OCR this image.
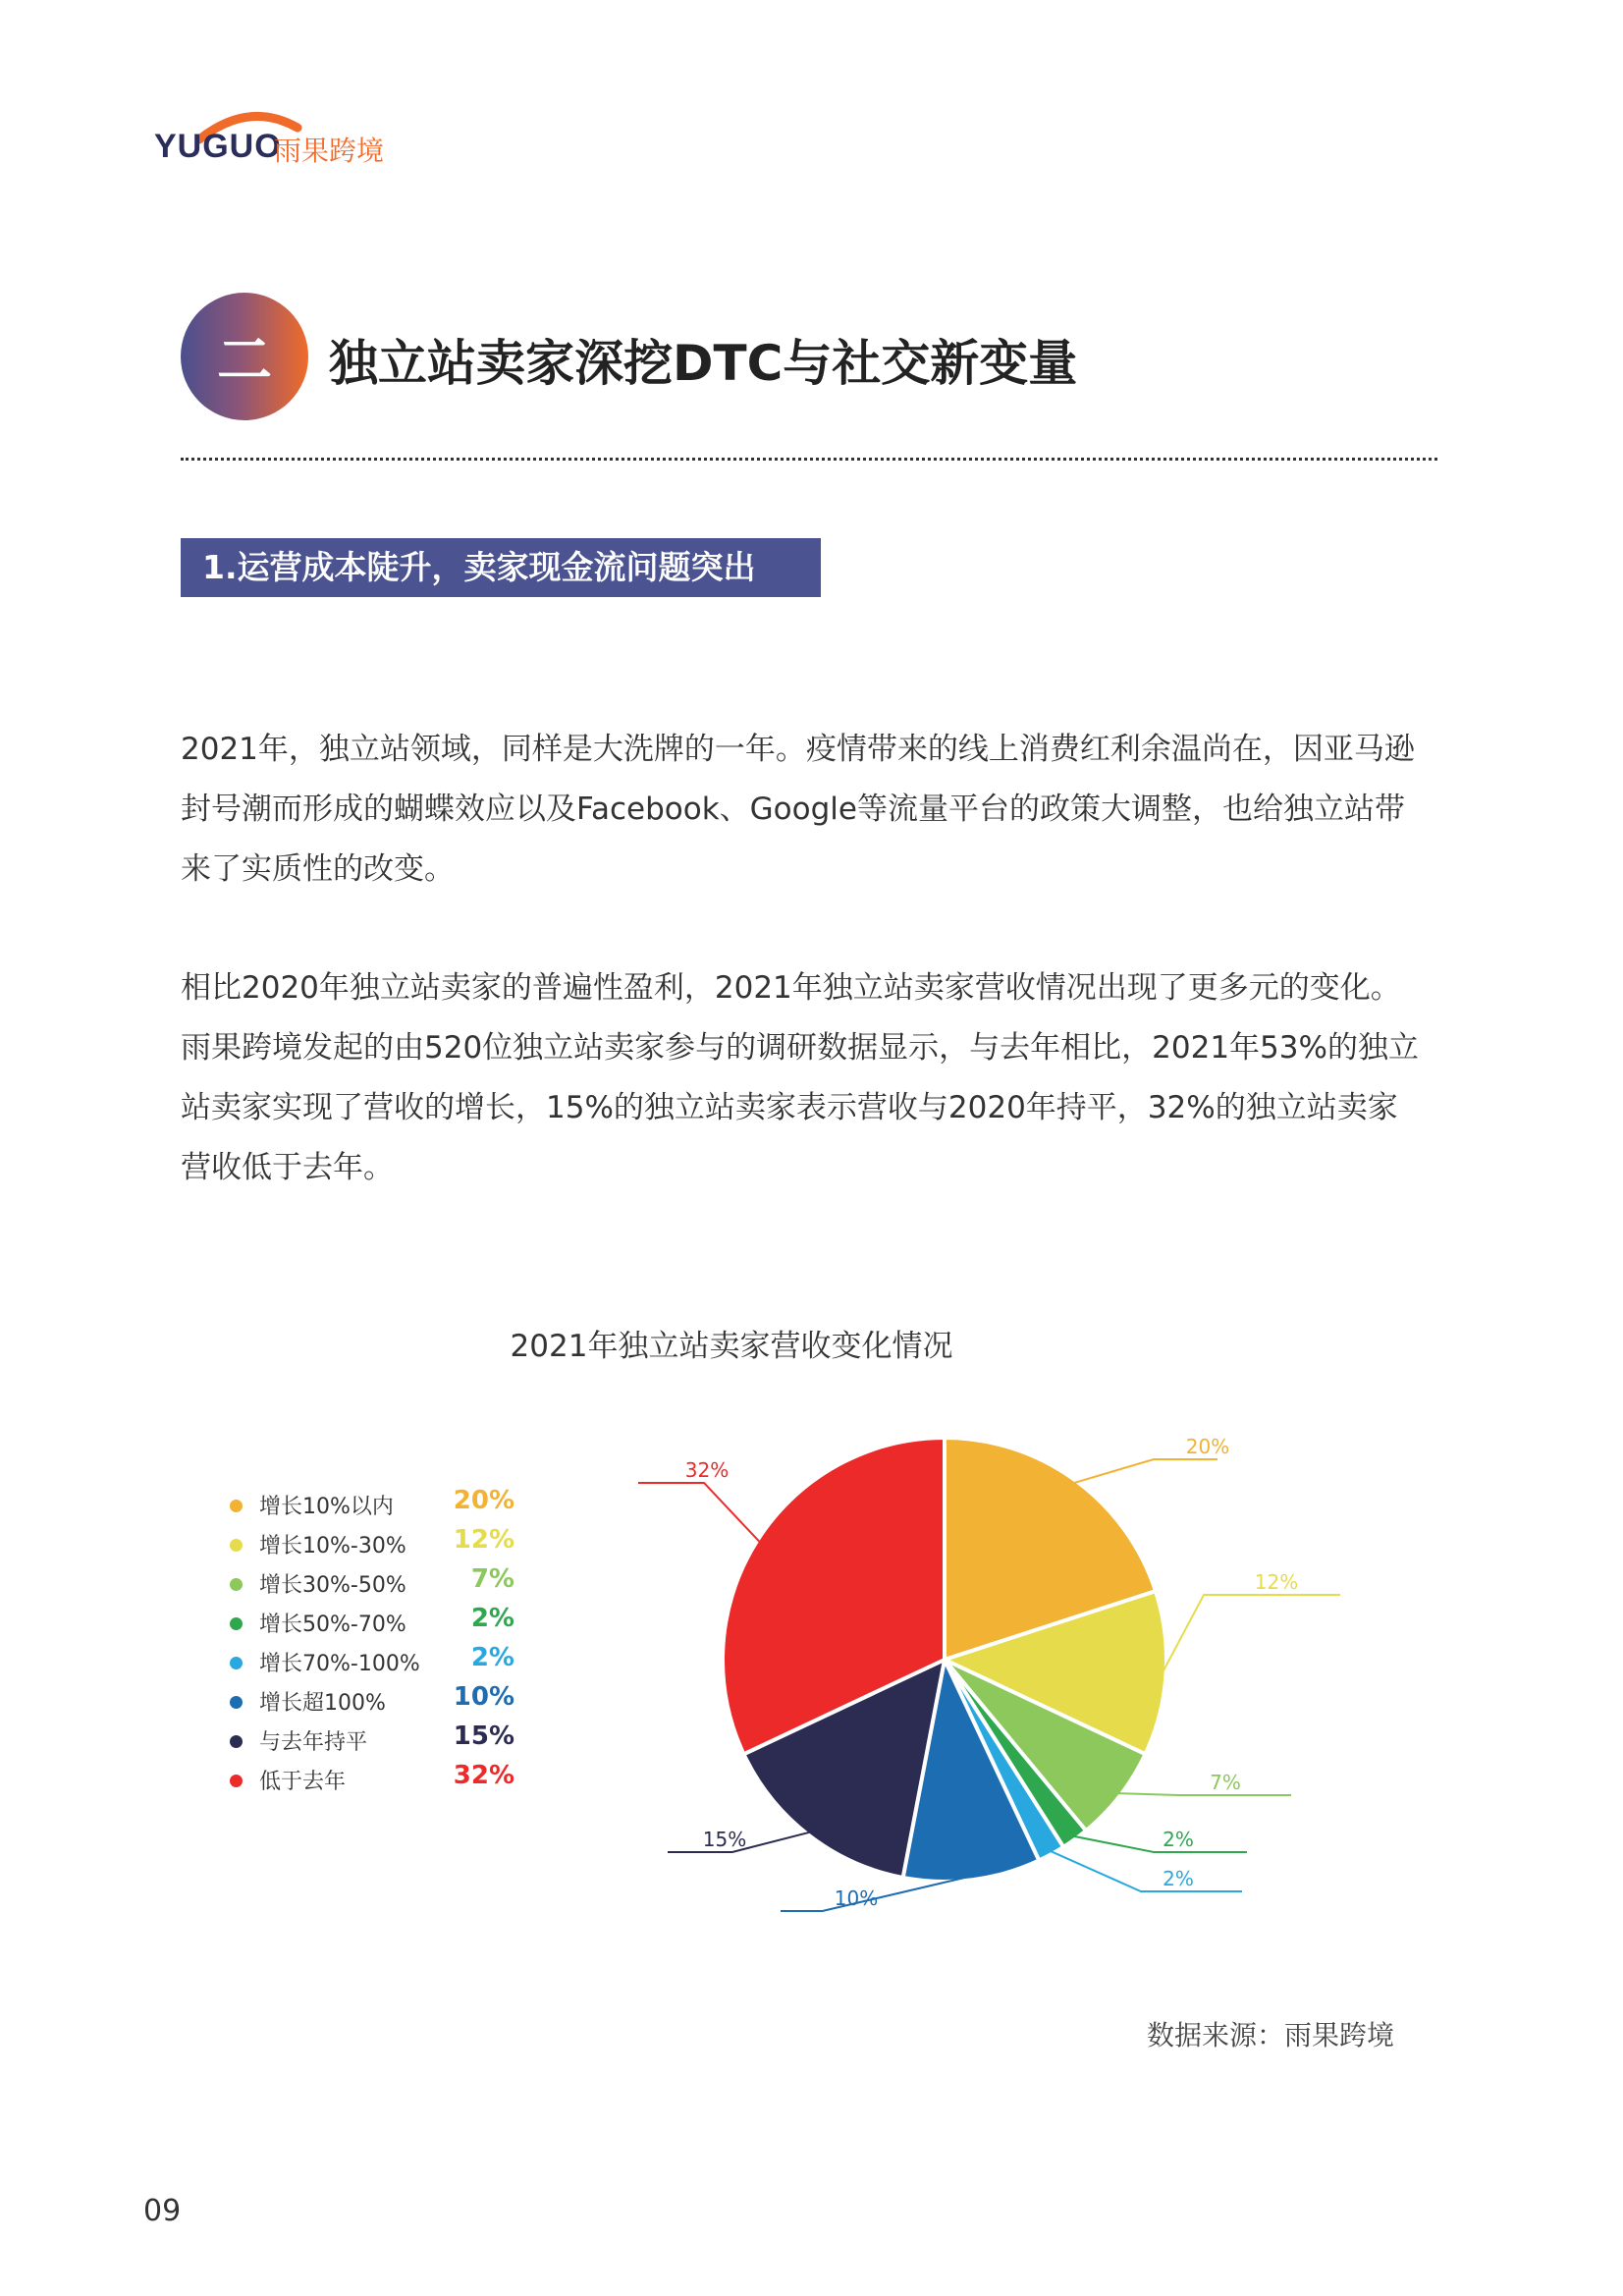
YUGUO
雨果跨境
二	独立站卖家深挖DTC与社交新变量
1.运营成本陡升，卖家现金流问题突出

2021年，独立站领域，同样是大洗牌的一年。疫情带来的线上消费红利余温尚在，因亚马逊封号潮而形成的蝴蝶效应以及Facebook、Google等流量平台的政策大调整，也给独立站带来了实质性的改变。

相比2020年独立站卖家的普遍性盈利，2021年独立站卖家营收情况出现了更多元的变化。雨果跨境发起的由520位独立站卖家参与的调研数据显示，与去年相比，2021年53%的独立站卖家实现了营收的增长，15%的独立站卖家表示营收与2020年持平，32%的独立站卖家营收低于去年。

2021年独立站卖家营收变化情况
增长10%以内 20%
增长10%-30% 12%
增长30%-50%	7%
增长50%-70%	2%
增长70%-100% 2%
增长超100%	10%
与去年持平	15%
低于去年	32%
20%
12%
7%
2%
2%
10%
15%
32%
数据来源：雨果跨境
09
